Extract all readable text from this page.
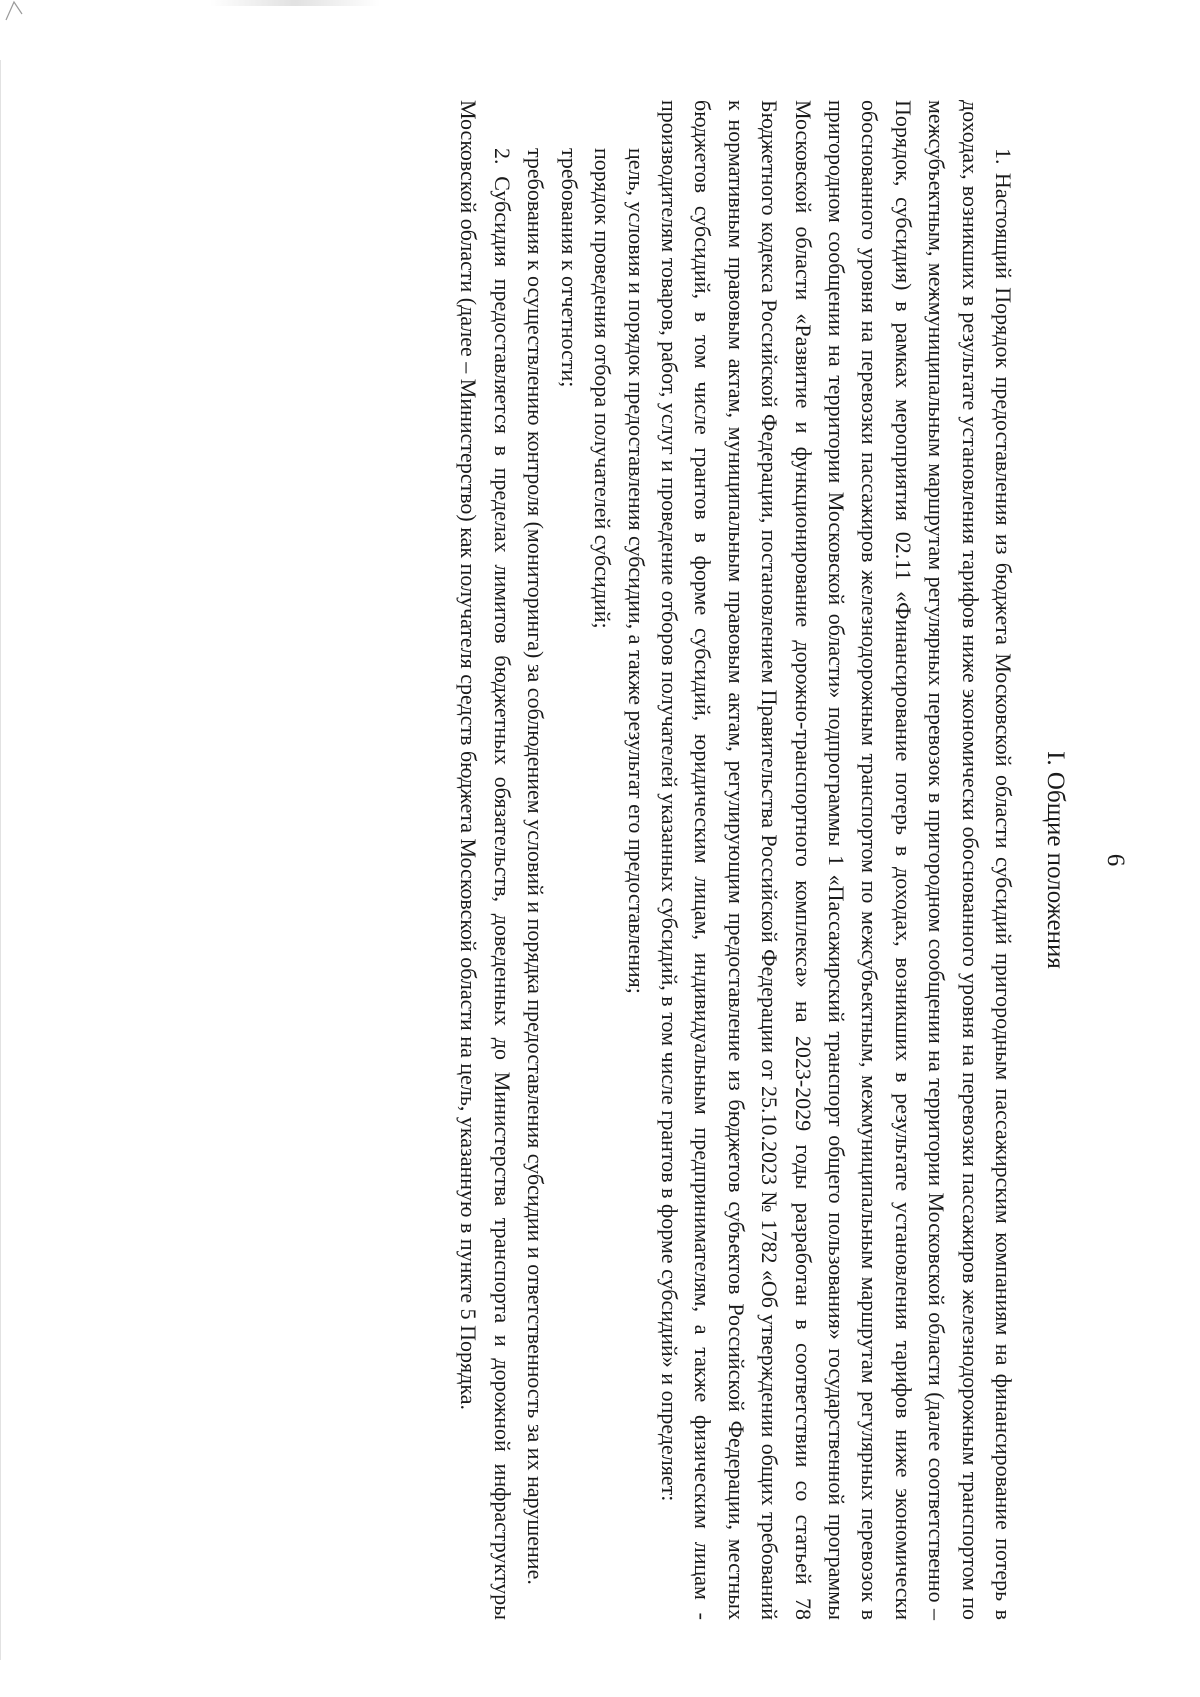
6
I. Общие положения

1. Настоящий Порядок предоставления из бюджета Московской области субсидий пригородным пассажирским компаниям на финансирование потерь в доходах, возникших в результате установления тарифов ниже экономически обоснованного уровня на перевозки пассажиров железнодорожным транспортом по межсубъектным, межмуниципальным маршрутам регулярных перевозок в пригородном сообщении на территории Московской области (далее соответственно – Порядок, субсидия) в рамках мероприятия 02.11 «Финансирование потерь в доходах, возникших в результате установления тарифов ниже экономически обоснованного уровня на перевозки пассажиров железнодорожным транспортом по межсубъектным, межмуниципальным маршрутам регулярных перевозок в пригородном сообщении на территории Московской области» подпрограммы 1 «Пассажирский транспорт общего пользования» государственной программы Московской области «Развитие и функционирование дорожно-транспортного комплекса» на 2023-2029 годы разработан в соответствии со статьей 78 Бюджетного кодекса Российской Федерации, постановлением Правительства Российской Федерации от 25.10.2023 № 1782 «Об утверждении общих требований к нормативным правовым актам, муниципальным правовым актам, регулирующим предоставление из бюджетов субъектов Российской Федерации, местных бюджетов субсидий, в том числе грантов в форме субсидий, юридическим лицам, индивидуальным предпринимателям, а также физическим лицам - производителям товаров, работ, услуг и проведение отборов получателей указанных субсидий, в том числе грантов в форме субсидий» и определяет:

цель, условия и порядок предоставления субсидии, а также результат его предоставления;

порядок проведения отбора получателей субсидий;

требования к отчетности;

требования к осуществлению контроля (мониторинга) за соблюдением условий и порядка предоставления субсидии и ответственность за их нарушение.

2. Субсидия предоставляется в пределах лимитов бюджетных обязательств, доведенных до Министерства транспорта и дорожной инфраструктуры Московской области (далее – Министерство) как получателя средств бюджета Московской области на цель, указанную в пункте 5 Порядка.
